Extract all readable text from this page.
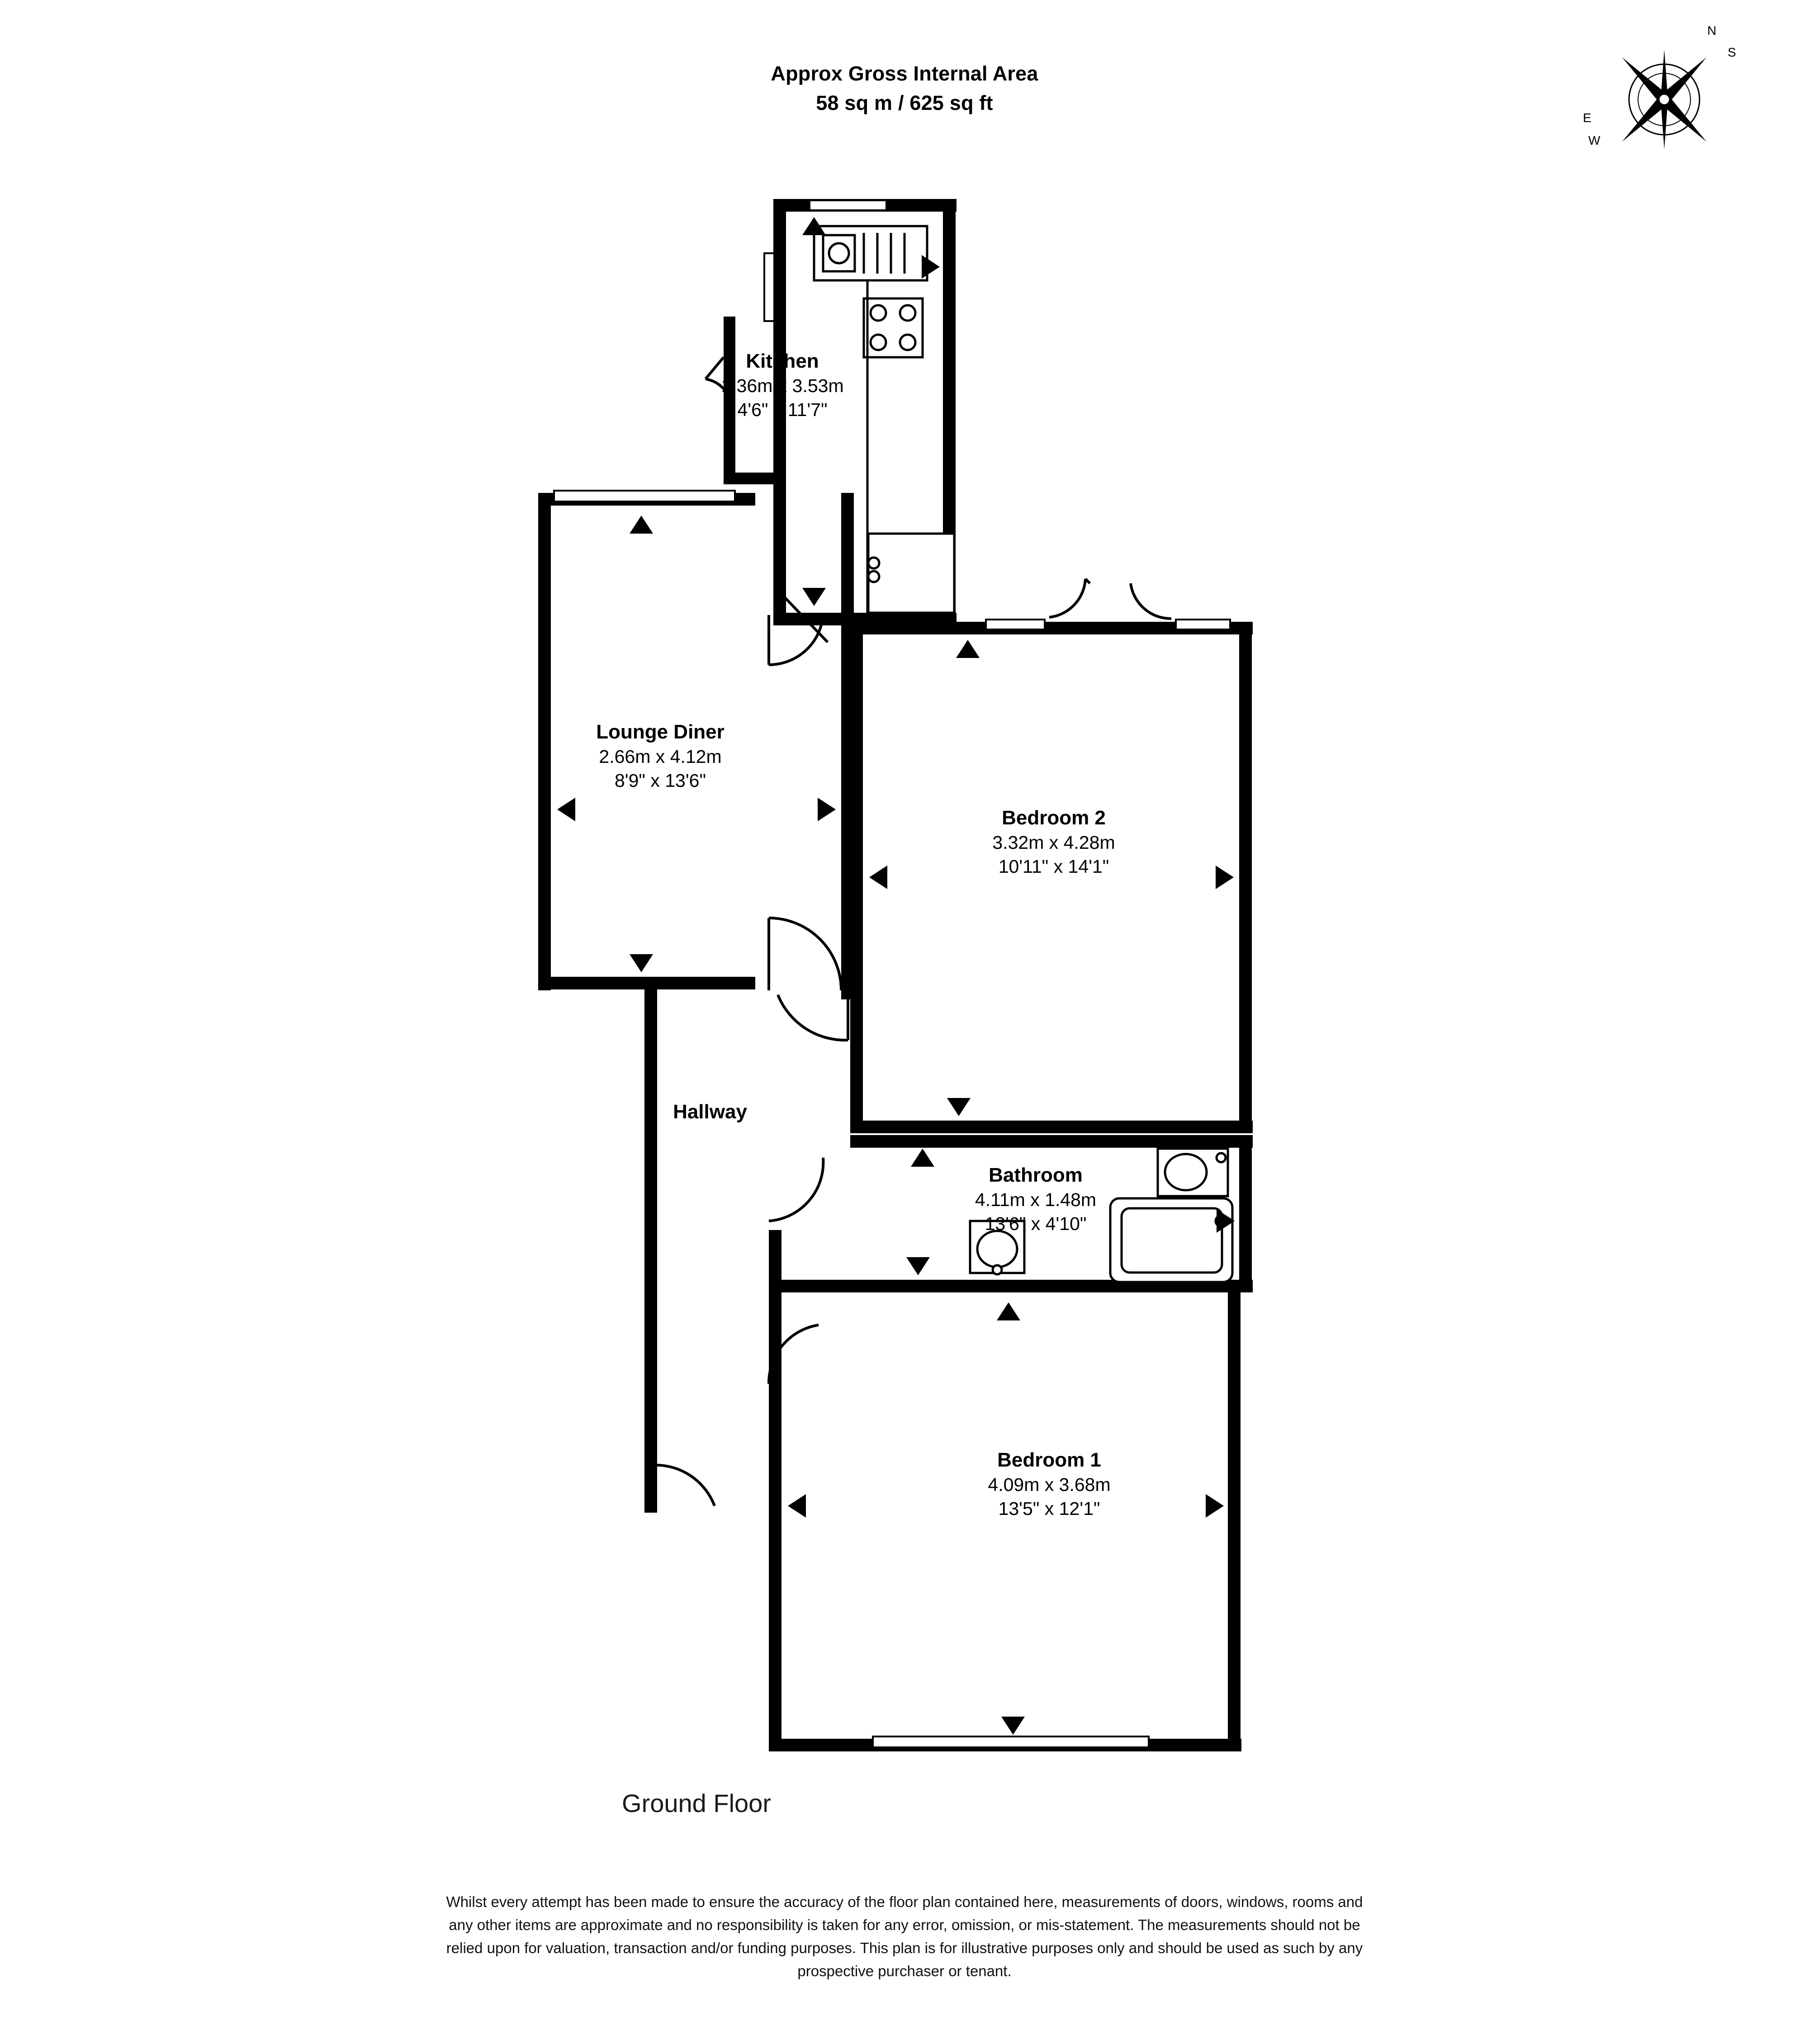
Approx Gross Internal Area
58 sq m / 625 sq ft
N
S
W
E
Kitchen
1.36m x 3.53m
4'6" x 11'7"
Lounge Diner
2.66m x 4.12m
8'9" x 13'6"
Bedroom 2
3.32m x 4.28m
10'11" x 14'1"
Hallway
Bathroom
4.11m x 1.48m
13'6" x 4'10"
Bedroom 1
4.09m x 3.68m
13'5" x 12'1"
Ground Floor
Whilst every attempt has been made to ensure the accuracy of the floor plan contained here, measurements of doors, windows, rooms and
any other items are approximate and no responsibility is taken for any error, omission, or mis-statement. The measurements should not be
relied upon for valuation, transaction and/or funding purposes. This plan is for illustrative purposes only and should be used as such by any
prospective purchaser or tenant.
